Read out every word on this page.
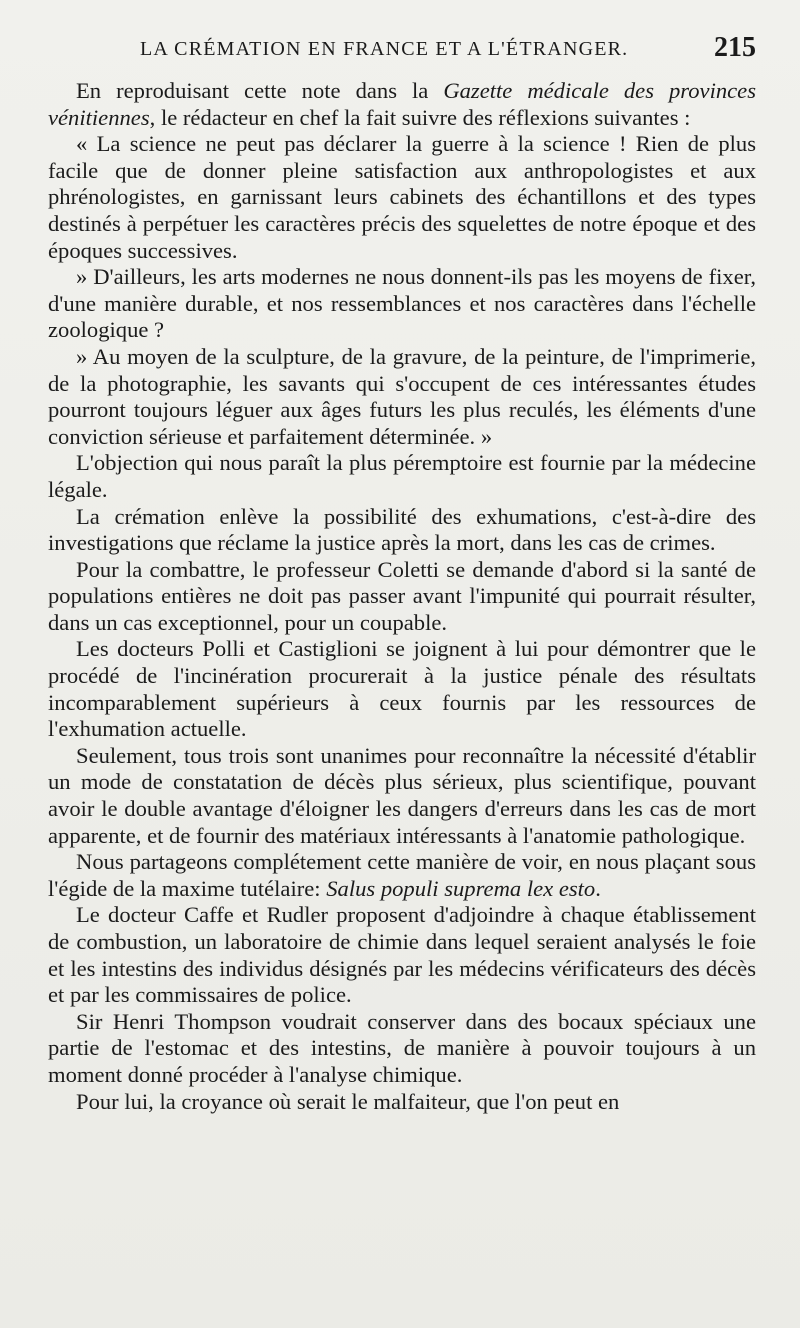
LA CRÉMATION EN FRANCE ET A L'ÉTRANGER.	215

En reproduisant cette note dans la Gazette médicale des provinces vénitiennes, le rédacteur en chef la fait suivre des réflexions suivantes :

« La science ne peut pas déclarer la guerre à la science ! Rien de plus facile que de donner pleine satisfaction aux anthropologistes et aux phrénologistes, en garnissant leurs cabinets des échantillons et des types destinés à perpétuer les caractères précis des squelettes de notre époque et des époques successives.

» D'ailleurs, les arts modernes ne nous donnent-ils pas les moyens de fixer, d'une manière durable, et nos ressemblances et nos caractères dans l'échelle zoologique ?

» Au moyen de la sculpture, de la gravure, de la peinture, de l'imprimerie, de la photographie, les savants qui s'occupent de ces intéressantes études pourront toujours léguer aux âges futurs les plus reculés, les éléments d'une conviction sérieuse et parfaitement déterminée. »

L'objection qui nous paraît la plus péremptoire est fournie par la médecine légale.

La crémation enlève la possibilité des exhumations, c'est-à-dire des investigations que réclame la justice après la mort, dans les cas de crimes.

Pour la combattre, le professeur Coletti se demande d'abord si la santé de populations entières ne doit pas passer avant l'impunité qui pourrait résulter, dans un cas exceptionnel, pour un coupable.

Les docteurs Polli et Castiglioni se joignent à lui pour démontrer que le procédé de l'incinération procurerait à la justice pénale des résultats incomparablement supérieurs à ceux fournis par les ressources de l'exhumation actuelle.

Seulement, tous trois sont unanimes pour reconnaître la nécessité d'établir un mode de constatation de décès plus sérieux, plus scientifique, pouvant avoir le double avantage d'éloigner les dangers d'erreurs dans les cas de mort apparente, et de fournir des matériaux intéressants à l'anatomie pathologique.

Nous partageons complétement cette manière de voir, en nous plaçant sous l'égide de la maxime tutélaire: Salus populi suprema lex esto.

Le docteur Caffe et Rudler proposent d'adjoindre à chaque établissement de combustion, un laboratoire de chimie dans lequel seraient analysés le foie et les intestins des individus désignés par les médecins vérificateurs des décès et par les commissaires de police.

Sir Henri Thompson voudrait conserver dans des bocaux spéciaux une partie de l'estomac et des intestins, de manière à pouvoir toujours à un moment donné procéder à l'analyse chimique.

Pour lui, la croyance où serait le malfaiteur, que l'on peut en
